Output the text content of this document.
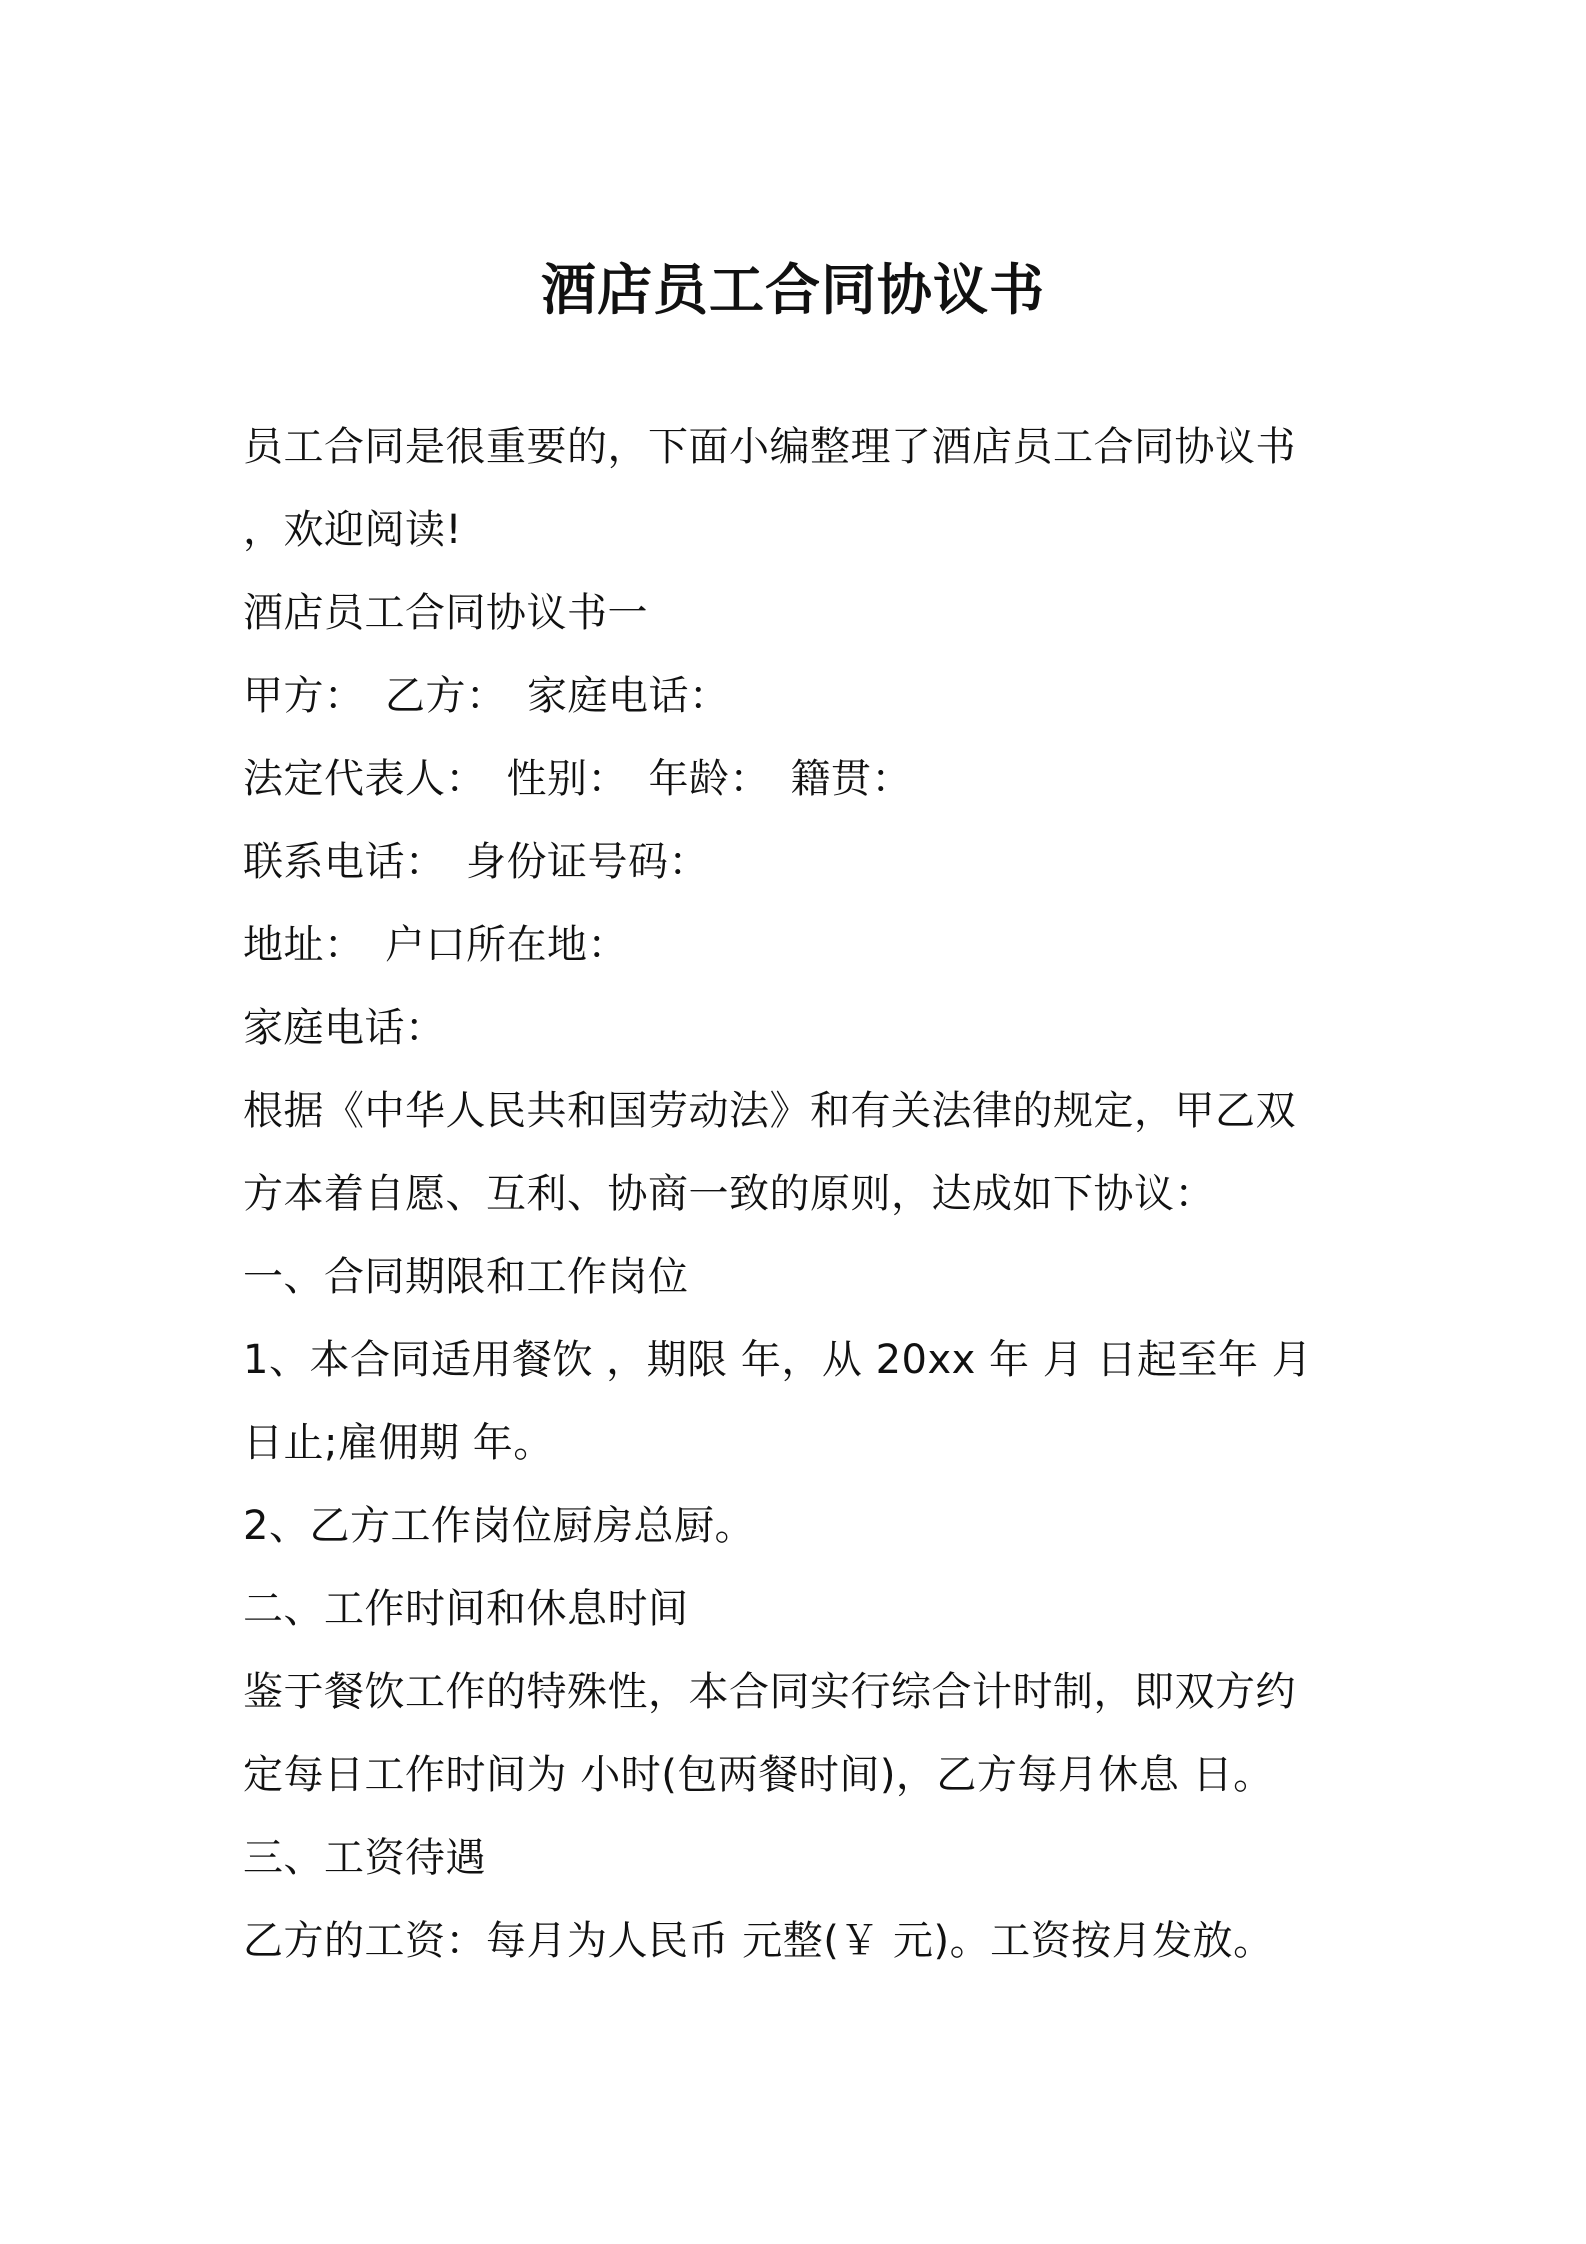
酒店员工合同协议书
员工合同是很重要的，下面小编整理了酒店员工合同协议书
，欢迎阅读!
酒店员工合同协议书一
甲方：　乙方：　家庭电话：
法定代表人：　性别：　年龄：　籍贯：
联系电话：　身份证号码：
地址：　户口所在地：
家庭电话：
根据《中华人民共和国劳动法》和有关法律的规定，甲乙双
方本着自愿、互利、协商一致的原则，达成如下协议：
一、合同期限和工作岗位
1、本合同适用餐饮 ，期限 年，从 20xx 年 月 日起至年 月
日止;雇佣期 年。
2、乙方工作岗位厨房总厨。
二、工作时间和休息时间
鉴于餐饮工作的特殊性，本合同实行综合计时制，即双方约
定每日工作时间为 小时(包两餐时间)，乙方每月休息 日。
三、工资待遇
乙方的工资：每月为人民币 元整(￥ 元)。工资按月发放。
